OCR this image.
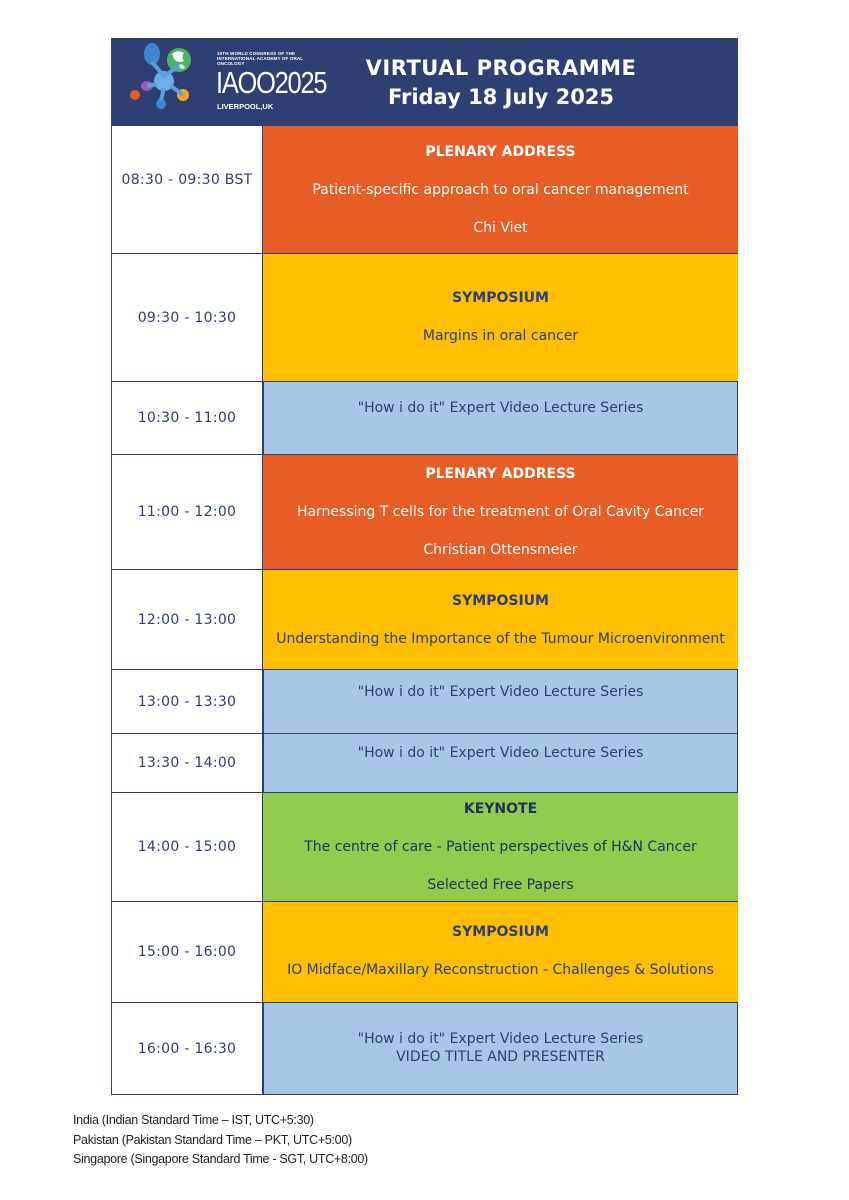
10TH WORLD CONGRESS OF THE INTERNATIONAL ACADEMY OF ORAL ONCOLOGY
IAOO2025
LIVERPOOL,UK
VIRTUAL PROGRAMME
Friday 18 July 2025
08:30 - 09:30 BST
PLENARY ADDRESS
Patient-specific approach to oral cancer management
Chi Viet
09:30 - 10:30
SYMPOSIUM
Margins in oral cancer
10:30 - 11:00
"How i do it" Expert Video Lecture Series
11:00 - 12:00
PLENARY ADDRESS
Harnessing T cells for the treatment of Oral Cavity Cancer
Christian Ottensmeier
12:00 - 13:00
SYMPOSIUM
Understanding the Importance of the Tumour Microenvironment
13:00 - 13:30
"How i do it" Expert Video Lecture Series
13:30 - 14:00
"How i do it" Expert Video Lecture Series
14:00 - 15:00
KEYNOTE
The centre of care - Patient perspectives of H&N Cancer
Selected Free Papers
15:00 - 16:00
SYMPOSIUM
IO Midface/Maxillary Reconstruction - Challenges & Solutions
16:00 - 16:30
"How i do it" Expert Video Lecture Series
VIDEO TITLE AND PRESENTER
India (Indian Standard Time – IST, UTC+5:30)
Pakistan (Pakistan Standard Time – PKT, UTC+5:00)
Singapore (Singapore Standard Time - SGT, UTC+8:00)
